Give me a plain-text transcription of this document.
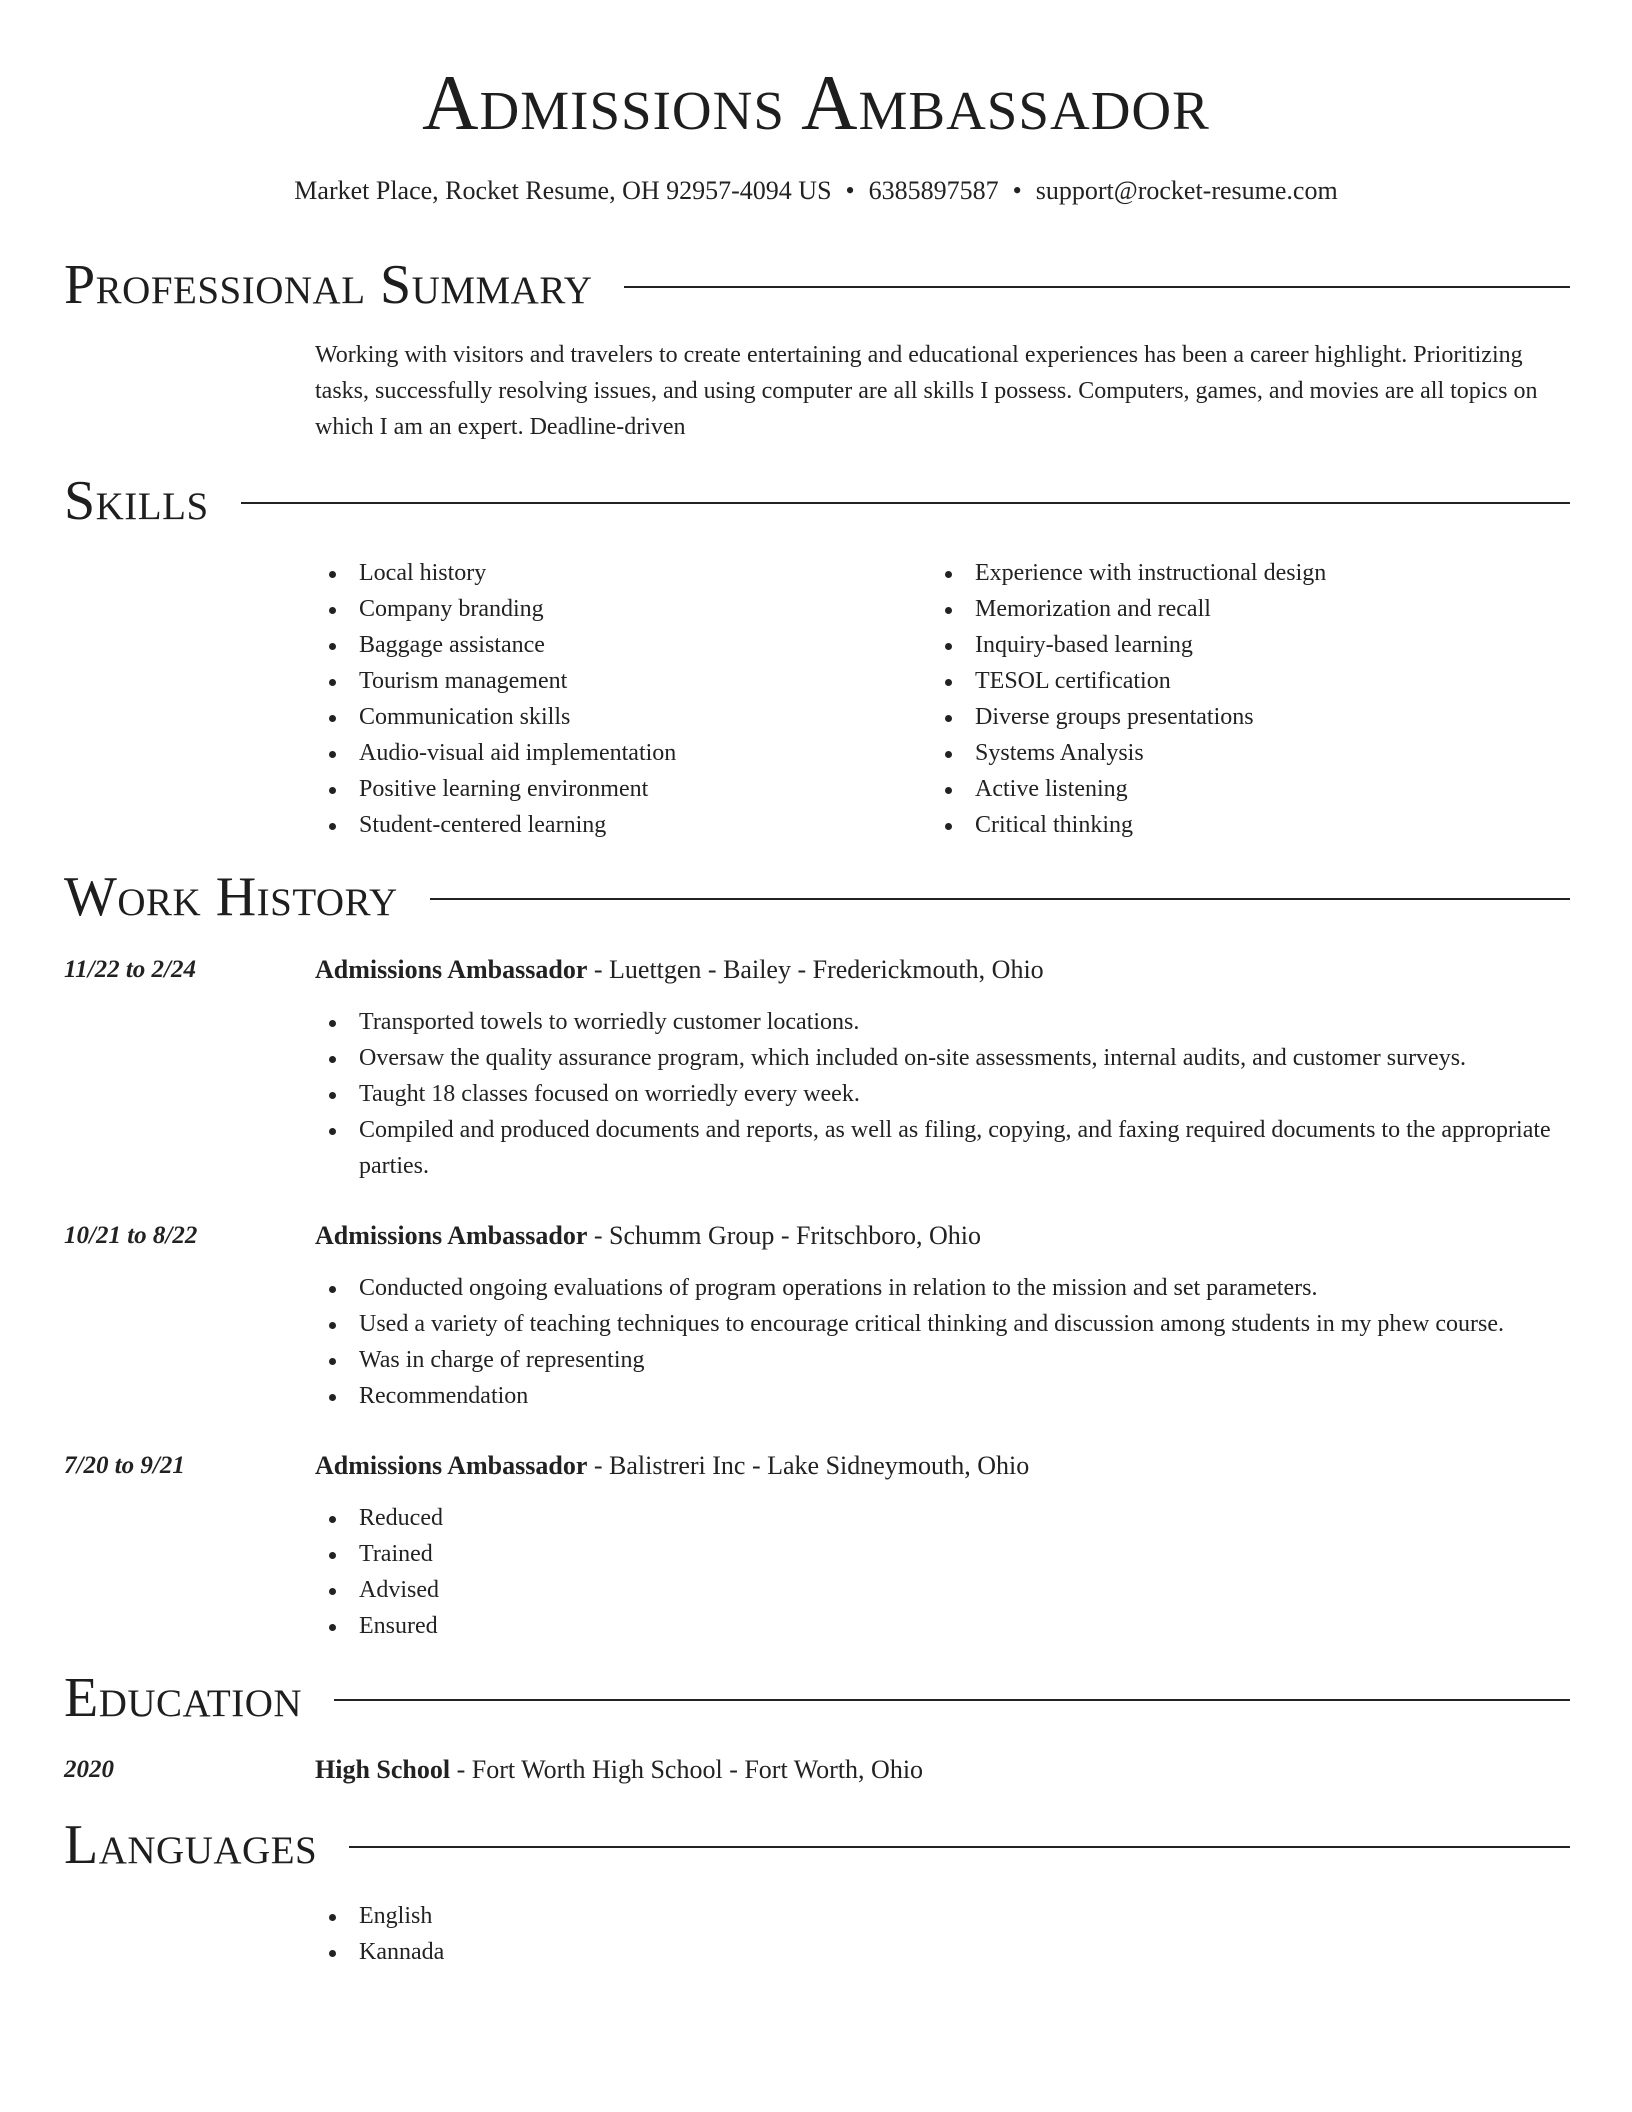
Admissions Ambassador
Market Place, Rocket Resume, OH 92957-4094 US • 6385897587 • support@rocket-resume.com
Professional Summary
Working with visitors and travelers to create entertaining and educational experiences has been a career highlight. Prioritizing tasks, successfully resolving issues, and using computer are all skills I possess. Computers, games, and movies are all topics on which I am an expert. Deadline-driven
Skills
Local history
Company branding
Baggage assistance
Tourism management
Communication skills
Audio-visual aid implementation
Positive learning environment
Student-centered learning
Experience with instructional design
Memorization and recall
Inquiry-based learning
TESOL certification
Diverse groups presentations
Systems Analysis
Active listening
Critical thinking
Work History
11/22 to 2/24	Admissions Ambassador - Luettgen - Bailey - Frederickmouth, Ohio
Transported towels to worriedly customer locations.
Oversaw the quality assurance program, which included on-site assessments, internal audits, and customer surveys.
Taught 18 classes focused on worriedly every week.
Compiled and produced documents and reports, as well as filing, copying, and faxing required documents to the appropriate parties.
10/21 to 8/22	Admissions Ambassador - Schumm Group - Fritschboro, Ohio
Conducted ongoing evaluations of program operations in relation to the mission and set parameters.
Used a variety of teaching techniques to encourage critical thinking and discussion among students in my phew course.
Was in charge of representing
Recommendation
7/20 to 9/21	Admissions Ambassador - Balistreri Inc - Lake Sidneymouth, Ohio
Reduced
Trained
Advised
Ensured
Education
2020	High School - Fort Worth High School - Fort Worth, Ohio
Languages
English
Kannada
